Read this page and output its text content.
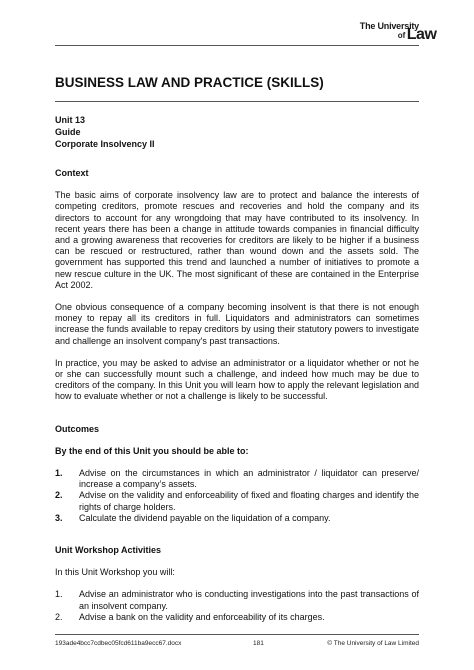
The University
of Law
BUSINESS LAW AND PRACTICE (SKILLS)
Unit 13
Guide
Corporate Insolvency II
Context

The basic aims of corporate insolvency law are to protect and balance the interests of competing creditors, promote rescues and recoveries and hold the company and its directors to account for any wrongdoing that may have contributed to its insolvency. In recent years there has been a change in attitude towards companies in financial difficulty and a growing awareness that recoveries for creditors are likely to be higher if a business can be rescued or restructured, rather than wound down and the assets sold. The government has supported this trend and launched a number of initiatives to promote a new rescue culture in the UK. The most significant of these are contained in the Enterprise Act 2002.

One obvious consequence of a company becoming insolvent is that there is not enough money to repay all its creditors in full. Liquidators and administrators can sometimes increase the funds available to repay creditors by using their statutory powers to investigate and challenge an insolvent company's past transactions.

In practice, you may be asked to advise an administrator or a liquidator whether or not he or she can successfully mount such a challenge, and indeed how much may be due to creditors of the company. In this Unit you will learn how to apply the relevant legislation and how to evaluate whether or not a challenge is likely to be successful.

Outcomes
By the end of this Unit you should be able to:
1. Advise on the circumstances in which an administrator / liquidator can preserve/ increase a company’s assets.
2. Advise on the validity and enforceability of fixed and floating charges and identify the rights of charge holders.
3. Calculate the dividend payable on the liquidation of a company.
Unit Workshop Activities

In this Unit Workshop you will:

1. Advise an administrator who is conducting investigations into the past transactions of an insolvent company.
2. Advise a bank on the validity and enforceability of its charges.
193ade4bcc7cdbec05fcd611ba9ecc67.docx	181	© The University of Law Limited
